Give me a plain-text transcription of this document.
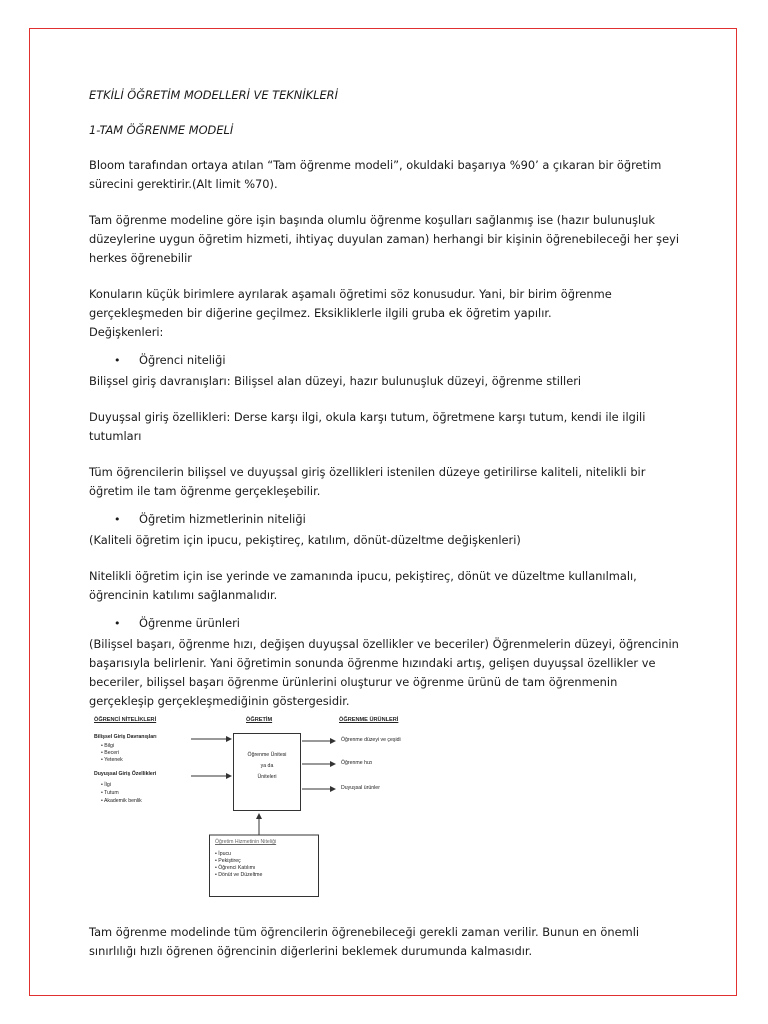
ETKİLİ ÖĞRETİM MODELLERİ VE TEKNİKLERİ

1-TAM ÖĞRENME MODELİ

Bloom tarafından ortaya atılan “Tam öğrenme modeli”, okuldaki başarıya %90’ a çıkaran bir öğretim sürecini gerektirir.(Alt limit %70).

Tam öğrenme modeline göre işin başında olumlu öğrenme koşulları sağlanmış ise (hazır bulunuşluk düzeylerine uygun öğretim hizmeti, ihtiyaç duyulan zaman) herhangi bir kişinin öğrenebileceği her şeyi herkes öğrenebilir

Konuların küçük birimlere ayrılarak aşamalı öğretimi söz konusudur. Yani, bir birim öğrenme gerçekleşmeden bir diğerine geçilmez. Eksikliklerle ilgili gruba ek öğretim yapılır.

Değişkenleri:

•
Öğrenci niteliği

Bilişsel giriş davranışları: Bilişsel alan düzeyi, hazır bulunuşluk düzeyi, öğrenme stilleri

Duyuşsal giriş özellikleri: Derse karşı ilgi, okula karşı tutum, öğretmene karşı tutum, kendi ile ilgili tutumları

Tüm öğrencilerin bilişsel ve duyuşsal giriş özellikleri istenilen düzeye getirilirse kaliteli, nitelikli bir öğretim ile tam öğrenme gerçekleşebilir.

•
Öğretim hizmetlerinin niteliği

(Kaliteli öğretim için ipucu, pekiştireç, katılım, dönüt-düzeltme değişkenleri)

Nitelikli öğretim için ise yerinde ve zamanında ipucu, pekiştireç, dönüt ve düzeltme kullanılmalı, öğrencinin katılımı sağlanmalıdır.

•
Öğrenme ürünleri

(Bilişsel başarı, öğrenme hızı, değişen duyuşsal özellikler ve beceriler) Öğrenmelerin düzeyi, öğrencinin başarısıyla belirlenir. Yani öğretimin sonunda öğrenme hızındaki artış, gelişen duyuşsal özellikler ve beceriler, bilişsel başarı öğrenme ürünlerini oluşturur ve öğrenme ürünü de tam öğrenmenin gerçekleşip gerçekleşmediğinin göstergesidir.

ÖĞRENCİ NİTELİKLERİ	ÖĞRETİM	ÖĞRENME ÜRÜNLERİ
Bilişsel Giriş Davranışları
• Bilgi
• Beceri
• Yetenek
Duyuşsal Giriş Özellikleri
• İlgi
• Tutum
• Akademik benlik
Öğrenme Ünitesi
ya da
Üniteleri
Öğrenme düzeyi ve çeşidi
Öğrenme hızı
Duyuşsal ürünler
Öğretim Hizmetinin Niteliği
• İpucu
• Pekiştireç
• Öğrenci Katılımı
• Dönüt ve Düzeltme

Tam öğrenme modelinde tüm öğrencilerin öğrenebileceği gerekli zaman verilir. Bunun en önemli sınırlılığı hızlı öğrenen öğrencinin diğerlerini beklemek durumunda kalmasıdır.
